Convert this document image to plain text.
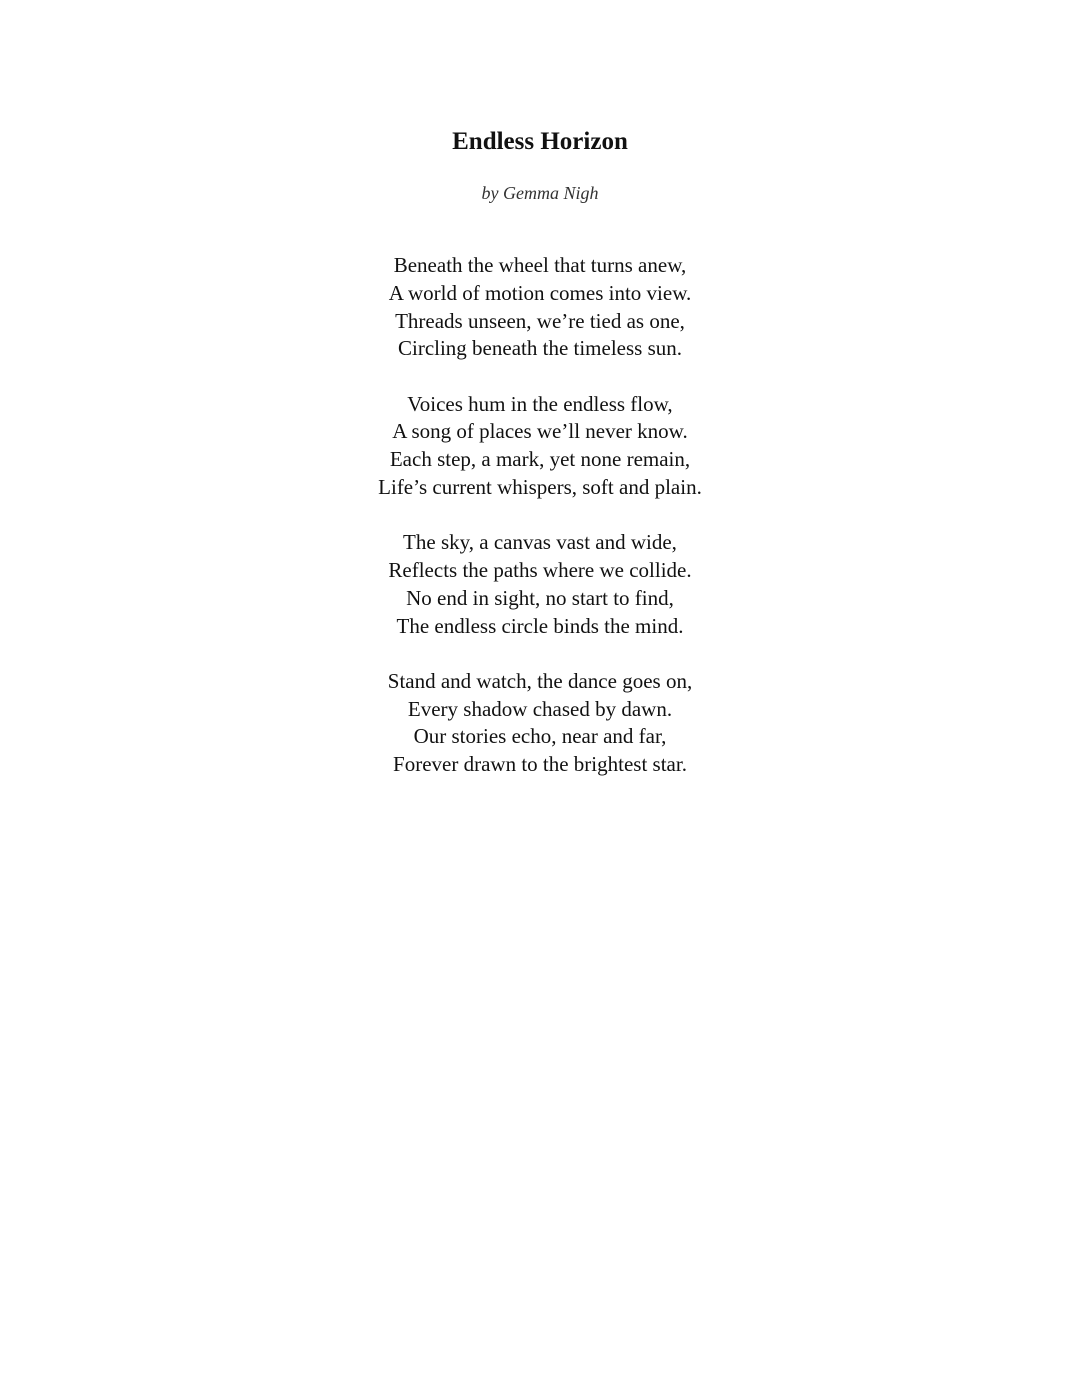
Endless Horizon

by Gemma Nigh

Beneath the wheel that turns anew,
A world of motion comes into view.
Threads unseen, we’re tied as one,
Circling beneath the timeless sun.
Voices hum in the endless flow,
A song of places we’ll never know.
Each step, a mark, yet none remain,
Life’s current whispers, soft and plain.
The sky, a canvas vast and wide,
Reflects the paths where we collide.
No end in sight, no start to find,
The endless circle binds the mind.
Stand and watch, the dance goes on,
Every shadow chased by dawn.
Our stories echo, near and far,
Forever drawn to the brightest star.
